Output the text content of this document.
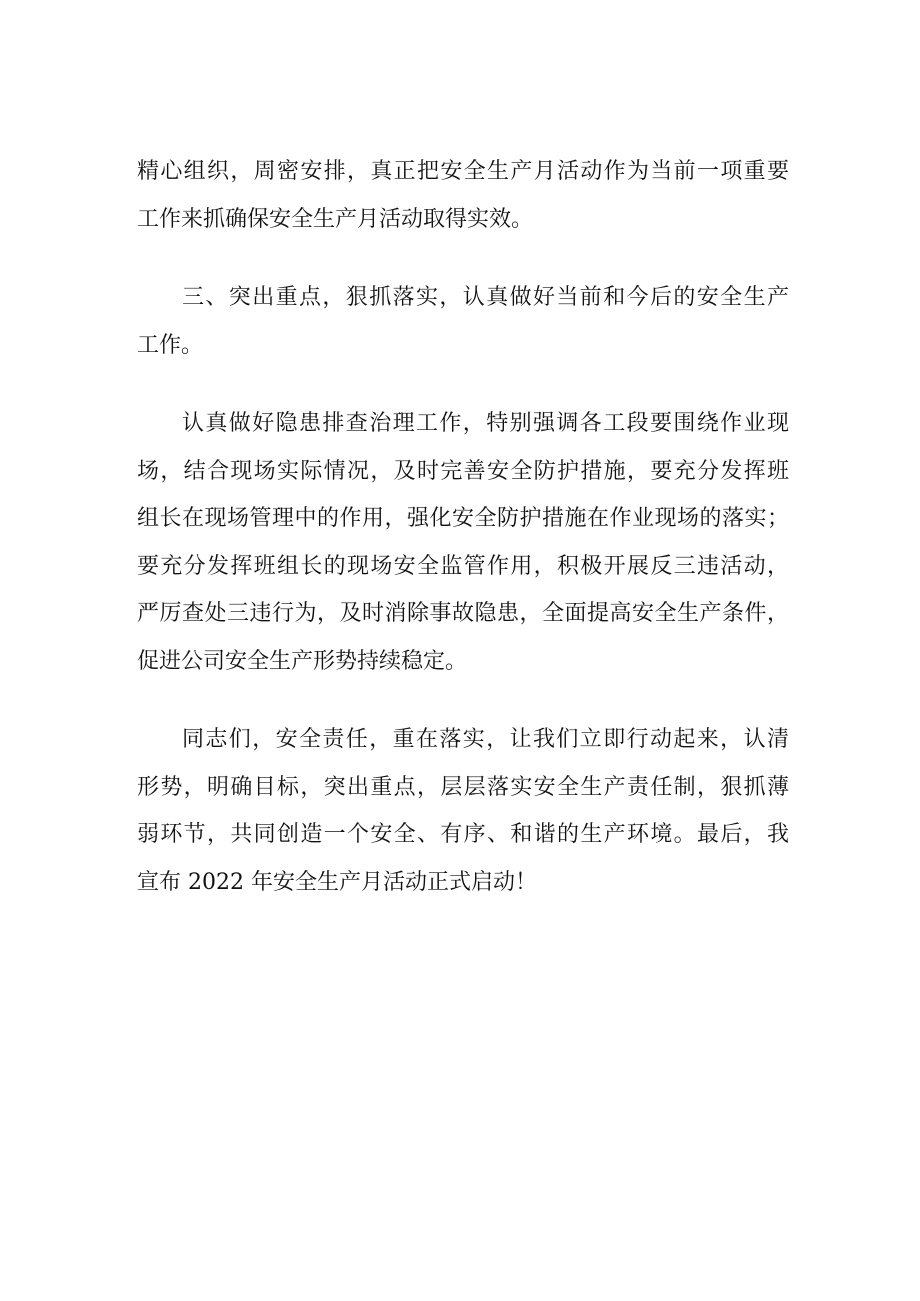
精心组织，周密安排，真正把安全生产月活动作为当前一项重要
工作来抓确保安全生产月活动取得实效。
三、突出重点，狠抓落实，认真做好当前和今后的安全生产
工作。
认真做好隐患排查治理工作，特别强调各工段要围绕作业现
场，结合现场实际情况，及时完善安全防护措施，要充分发挥班
组长在现场管理中的作用，强化安全防护措施在作业现场的落实；
要充分发挥班组长的现场安全监管作用，积极开展反三违活动，
严厉查处三违行为，及时消除事故隐患，全面提高安全生产条件，
促进公司安全生产形势持续稳定。
同志们，安全责任，重在落实，让我们立即行动起来，认清
形势，明确目标，突出重点，层层落实安全生产责任制，狠抓薄
弱环节，共同创造一个安全、有序、和谐的生产环境。最后，我
宣布 2022 年安全生产月活动正式启动！
